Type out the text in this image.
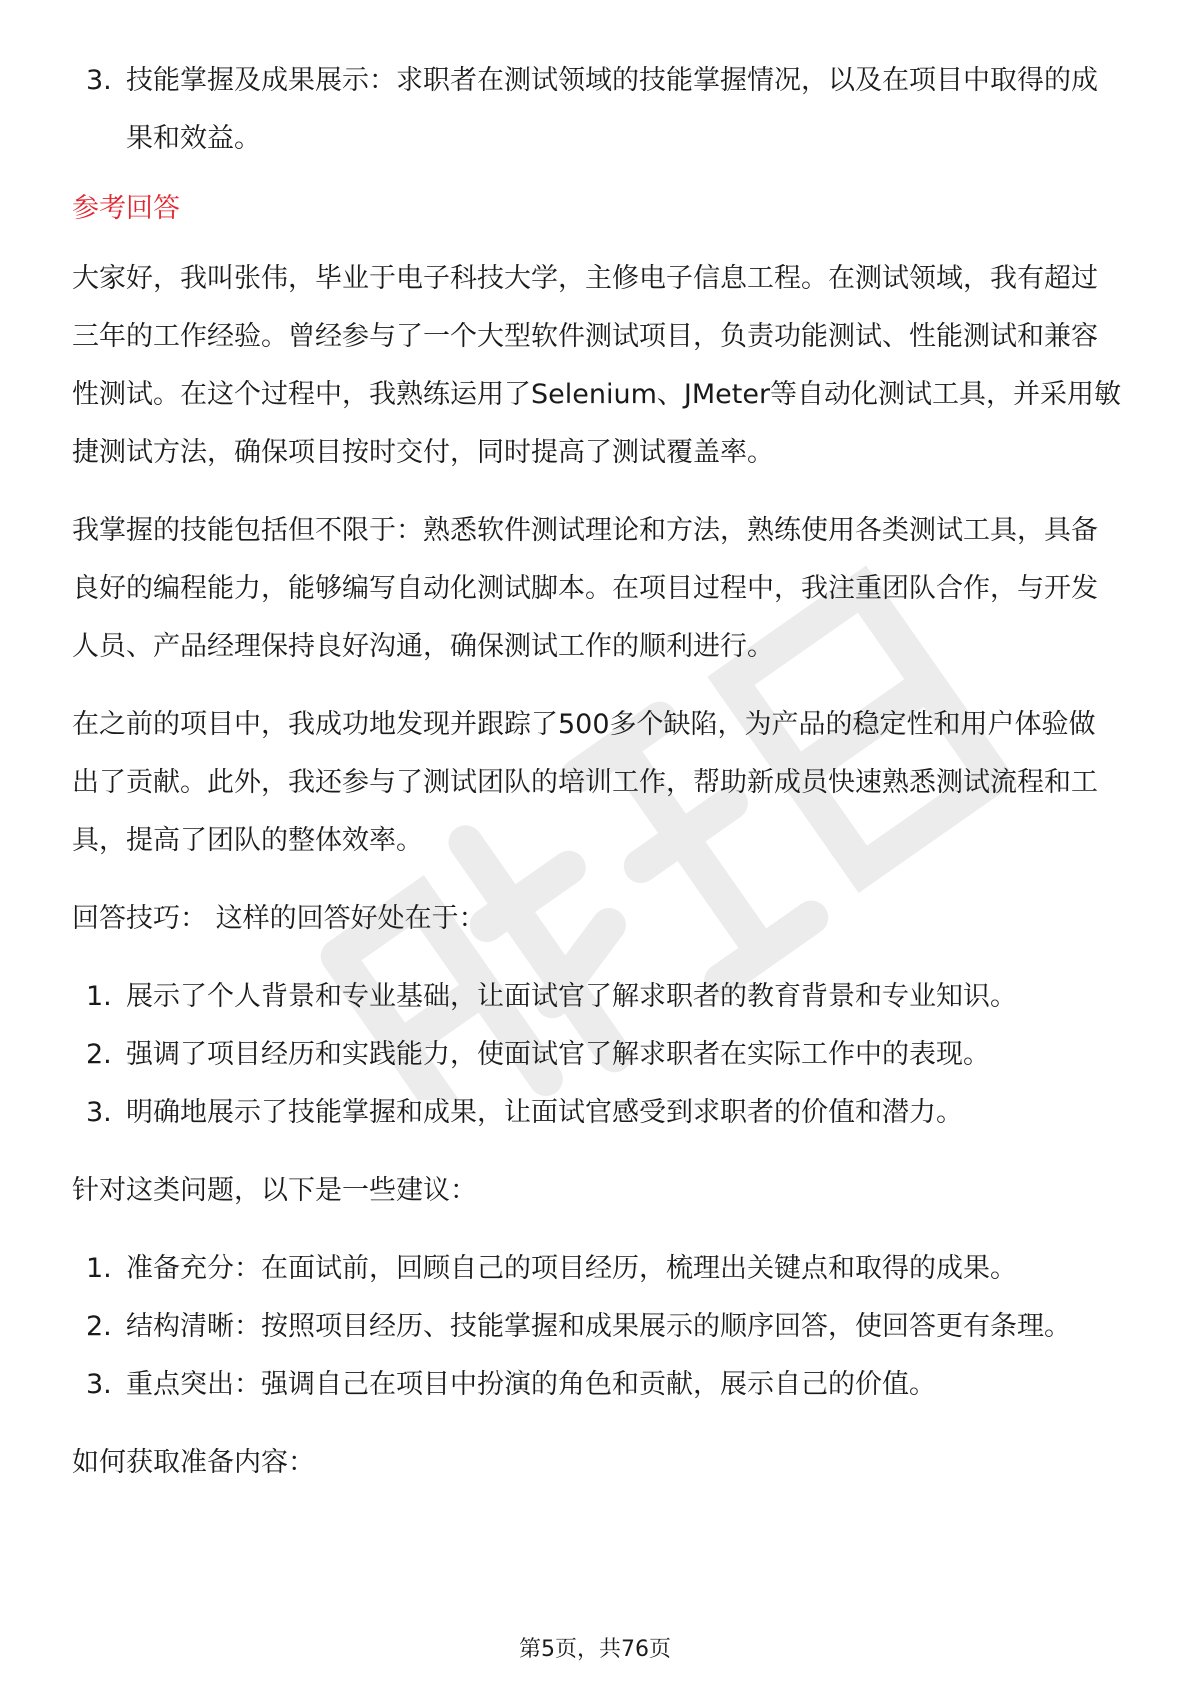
3. 技能掌握及成果展示：求职者在测试领域的技能掌握情况，以及在项目中取得的成果和效益。

参考回答

大家好，我叫张伟，毕业于电子科技大学，主修电子信息工程。在测试领域，我有超过三年的工作经验。曾经参与了一个大型软件测试项目，负责功能测试、性能测试和兼容性测试。在这个过程中，我熟练运用了Selenium、JMeter等自动化测试工具，并采用敏捷测试方法，确保项目按时交付，同时提高了测试覆盖率。

我掌握的技能包括但不限于：熟悉软件测试理论和方法，熟练使用各类测试工具，具备良好的编程能力，能够编写自动化测试脚本。在项目过程中，我注重团队合作，与开发人员、产品经理保持良好沟通，确保测试工作的顺利进行。

在之前的项目中，我成功地发现并跟踪了500多个缺陷，为产品的稳定性和用户体验做出了贡献。此外，我还参与了测试团队的培训工作，帮助新成员快速熟悉测试流程和工具，提高了团队的整体效率。

回答技巧： 这样的回答好处在于：

1. 展示了个人背景和专业基础，让面试官了解求职者的教育背景和专业知识。
2. 强调了项目经历和实践能力，使面试官了解求职者在实际工作中的表现。
3. 明确地展示了技能掌握和成果，让面试官感受到求职者的价值和潜力。

针对这类问题，以下是一些建议：

1. 准备充分：在面试前，回顾自己的项目经历，梳理出关键点和取得的成果。
2. 结构清晰：按照项目经历、技能掌握和成果展示的顺序回答，使回答更有条理。
3. 重点突出：强调自己在项目中扮演的角色和贡献，展示自己的价值。

如何获取准备内容：

第5页，共76页
